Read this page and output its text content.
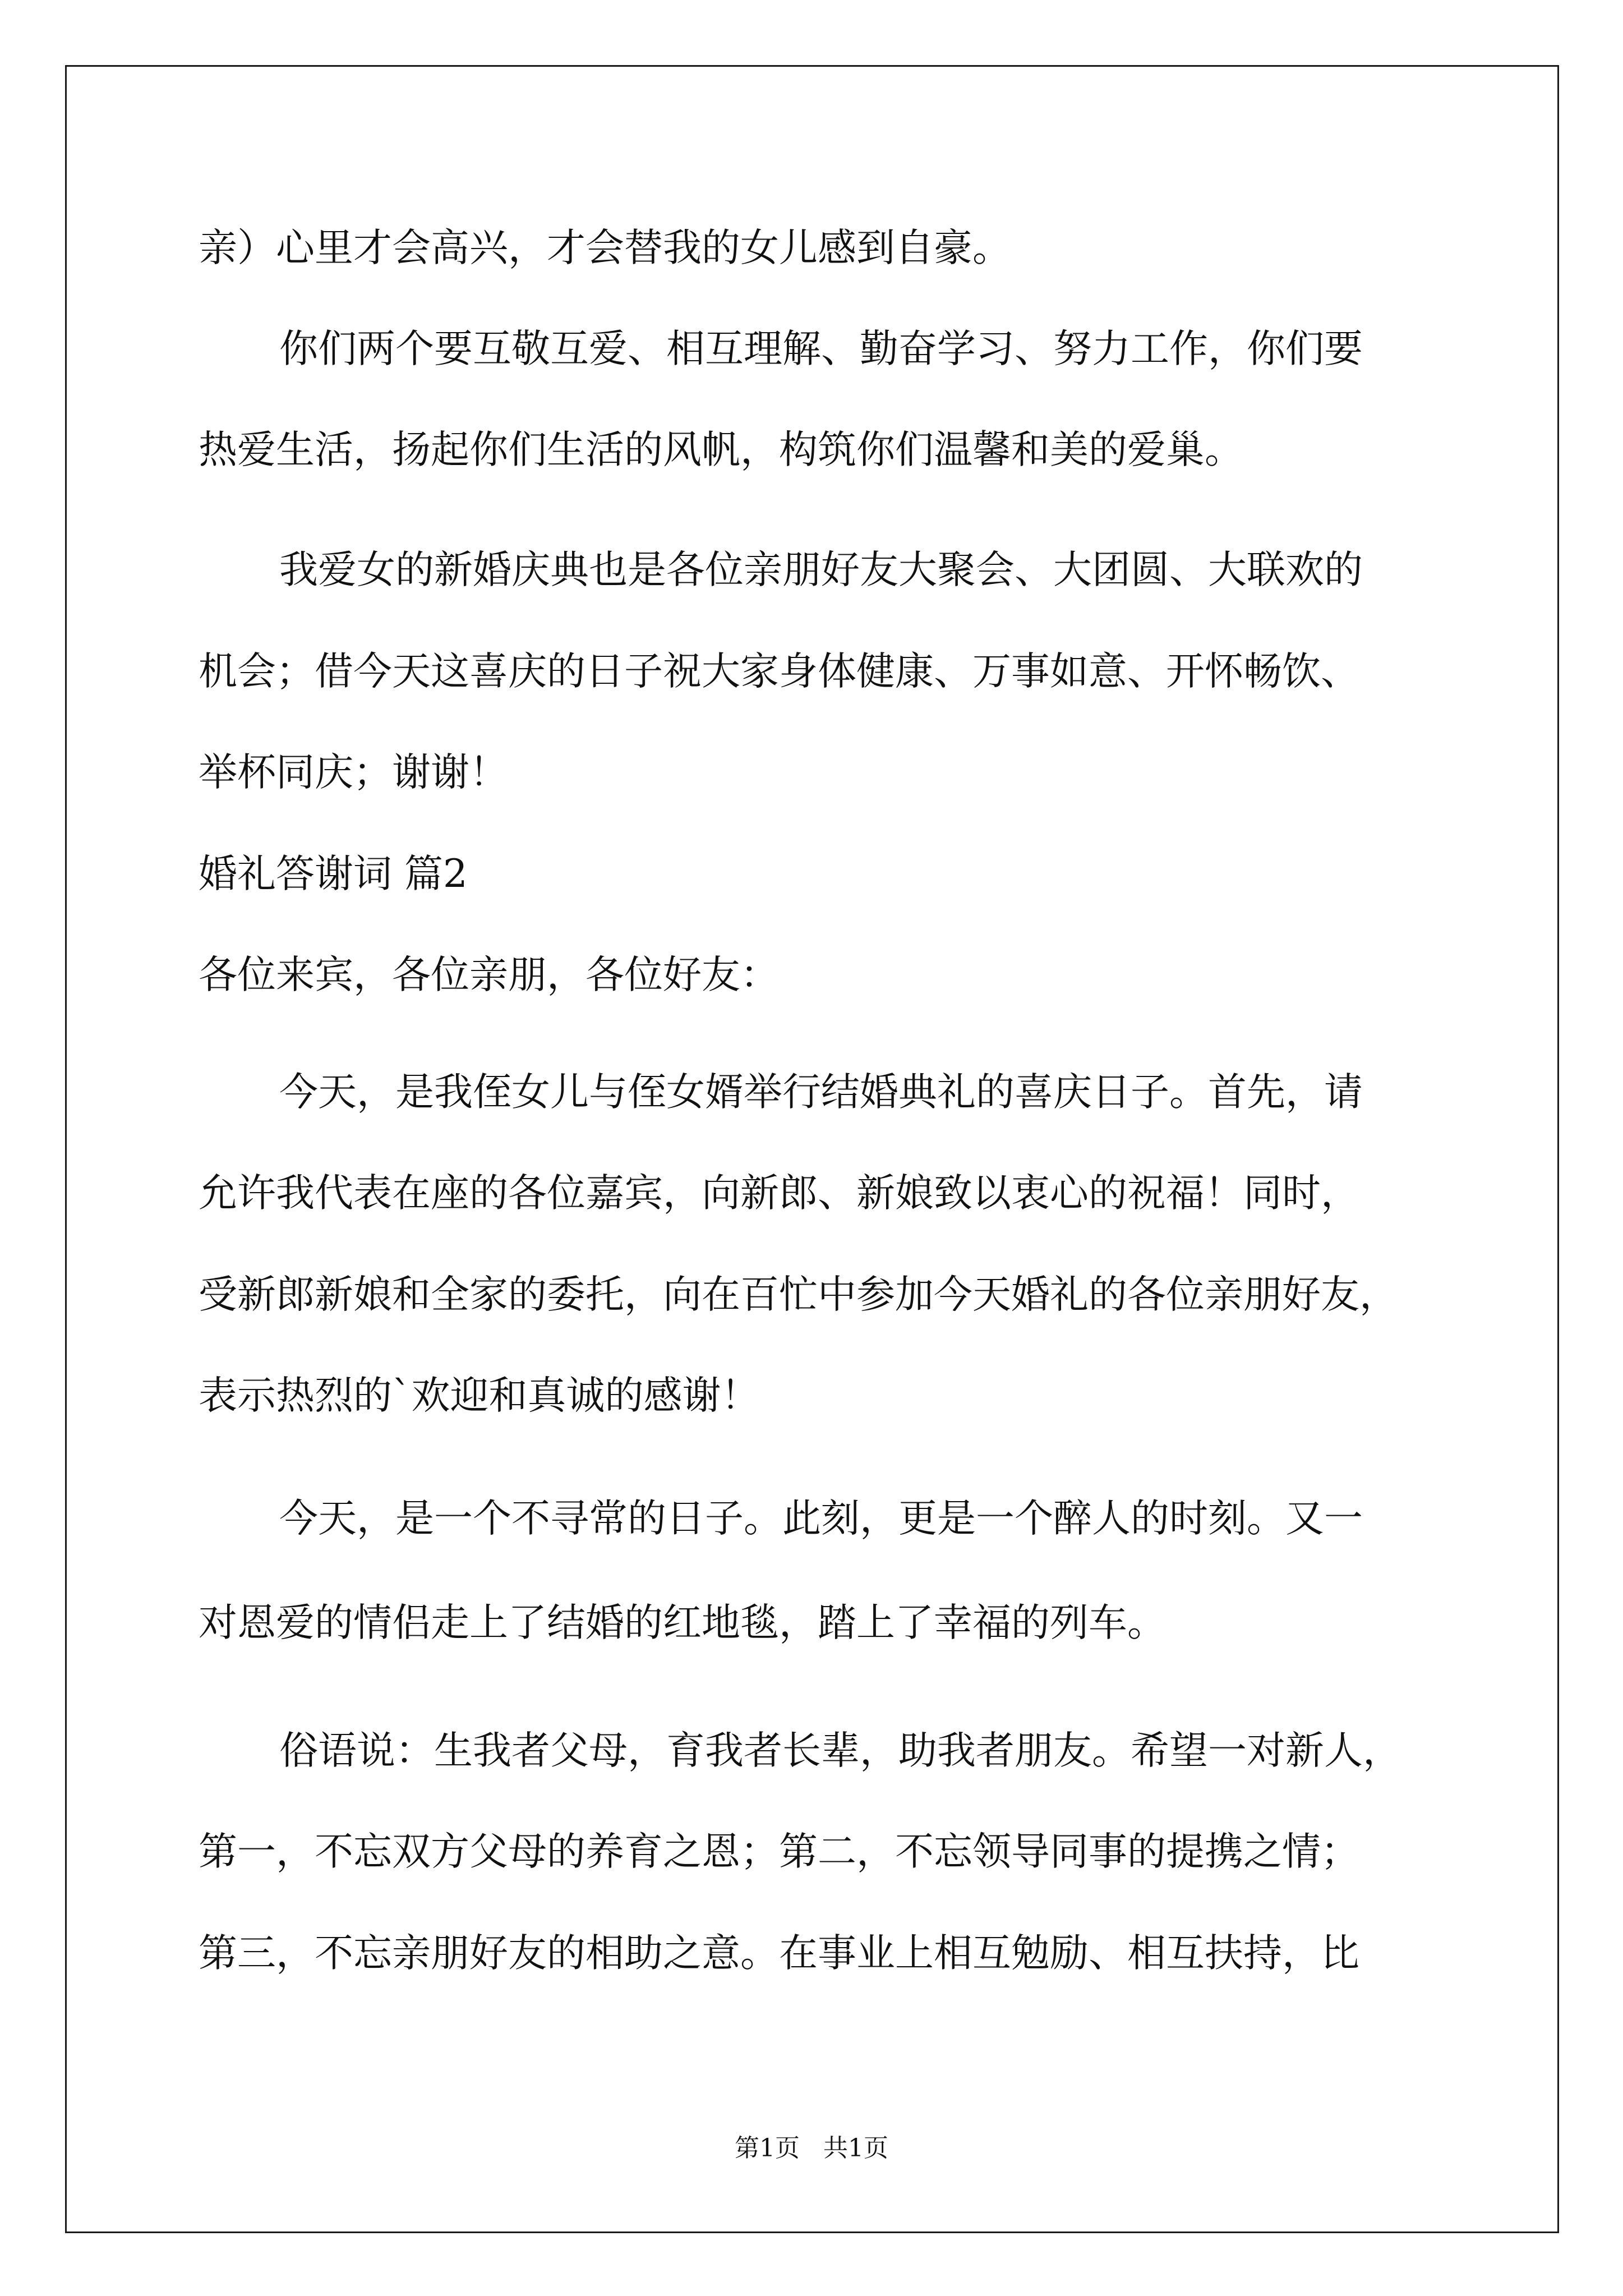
亲）心里才会高兴，才会替我的女儿感到自豪。
你们两个要互敬互爱、相互理解、勤奋学习、努力工作，你们要
热爱生活，扬起你们生活的风帆，构筑你们温馨和美的爱巢。
我爱女的新婚庆典也是各位亲朋好友大聚会、大团圆、大联欢的
机会；借今天这喜庆的日子祝大家身体健康、万事如意、开怀畅饮、
举杯同庆；谢谢！
婚礼答谢词 篇2
各位来宾，各位亲朋，各位好友：
今天，是我侄女儿与侄女婿举行结婚典礼的喜庆日子。首先，请
允许我代表在座的各位嘉宾，向新郎、新娘致以衷心的祝福！同时，
受新郎新娘和全家的委托，向在百忙中参加今天婚礼的各位亲朋好友，
表示热烈的`欢迎和真诚的感谢！
今天，是一个不寻常的日子。此刻，更是一个醉人的时刻。又一
对恩爱的情侣走上了结婚的红地毯，踏上了幸福的列车。
俗语说：生我者父母，育我者长辈，助我者朋友。希望一对新人，
第一，不忘双方父母的养育之恩；第二，不忘领导同事的提携之情；
第三，不忘亲朋好友的相助之意。在事业上相互勉励、相互扶持，比
第1页   共1页
